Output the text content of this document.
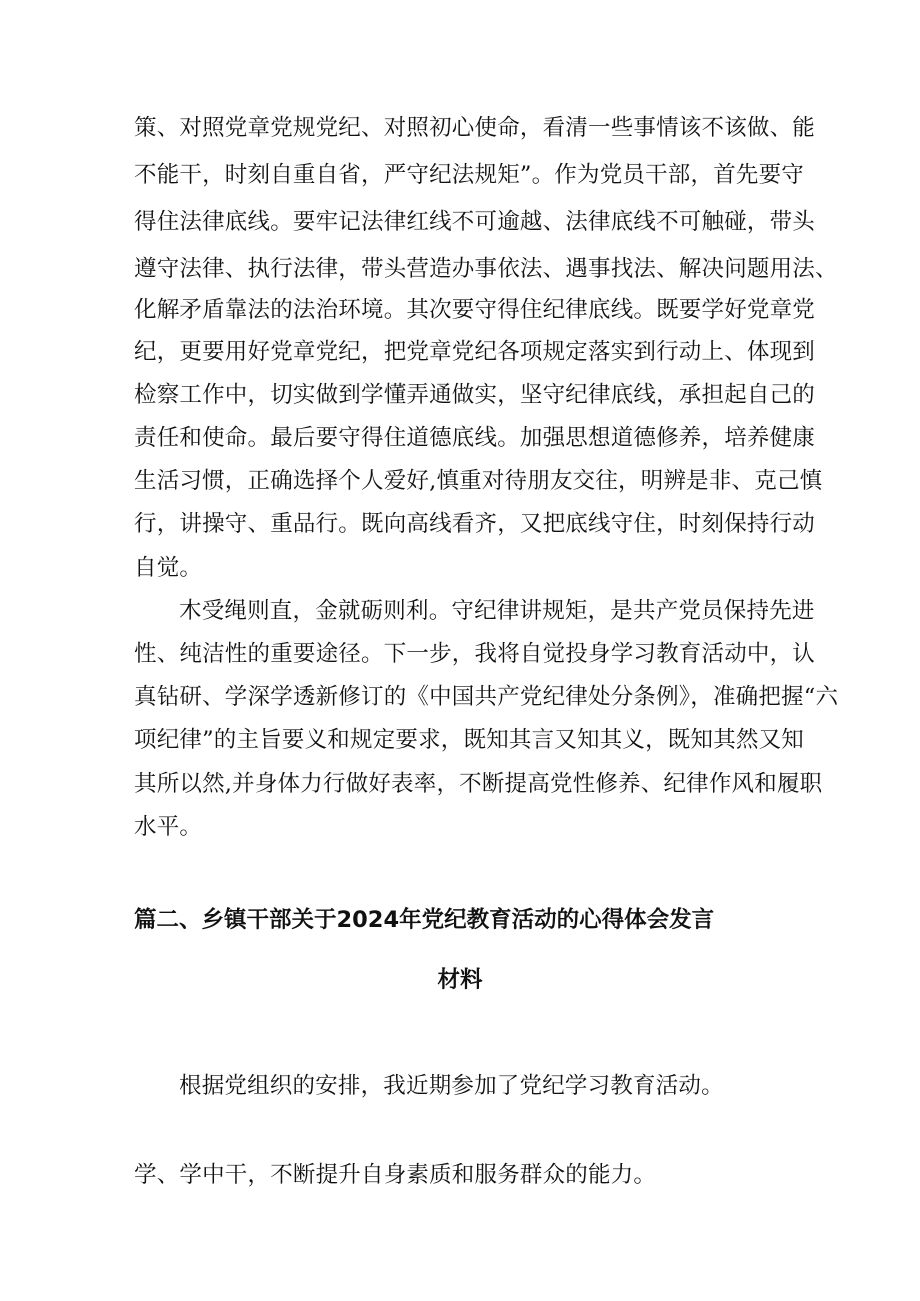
策、对照党章党规党纪、对照初心使命，看清一些事情该不该做、能
不能干，时刻自重自省，严守纪法规矩”。作为党员干部，首先要守
得住法律底线。要牢记法律红线不可逾越、法律底线不可触碰，带头
遵守法律、执行法律，带头营造办事依法、遇事找法、解决问题用法、
化解矛盾靠法的法治环境。其次要守得住纪律底线。既要学好党章党
纪，更要用好党章党纪，把党章党纪各项规定落实到行动上、体现到
检察工作中，切实做到学懂弄通做实，坚守纪律底线，承担起自己的
责任和使命。最后要守得住道德底线。加强思想道德修养，培养健康
生活习惯，正确选择个人爱好,慎重对待朋友交往，明辨是非、克己慎
行，讲操守、重品行。既向高线看齐，又把底线守住，时刻保持行动
自觉。
木受绳则直，金就砺则利。守纪律讲规矩，是共产党员保持先进
性、纯洁性的重要途径。下一步，我将自觉投身学习教育活动中，认
真钻研、学深学透新修订的《中国共产党纪律处分条例》，准确把握“六
项纪律”的主旨要义和规定要求，既知其言又知其义，既知其然又知
其所以然,并身体力行做好表率，不断提高党性修养、纪律作风和履职
水平。
篇二、乡镇干部关于2024年党纪教育活动的心得体会发言
材料
根据党组织的安排，我近期参加了党纪学习教育活动。
学、学中干，不断提升自身素质和服务群众的能力。
